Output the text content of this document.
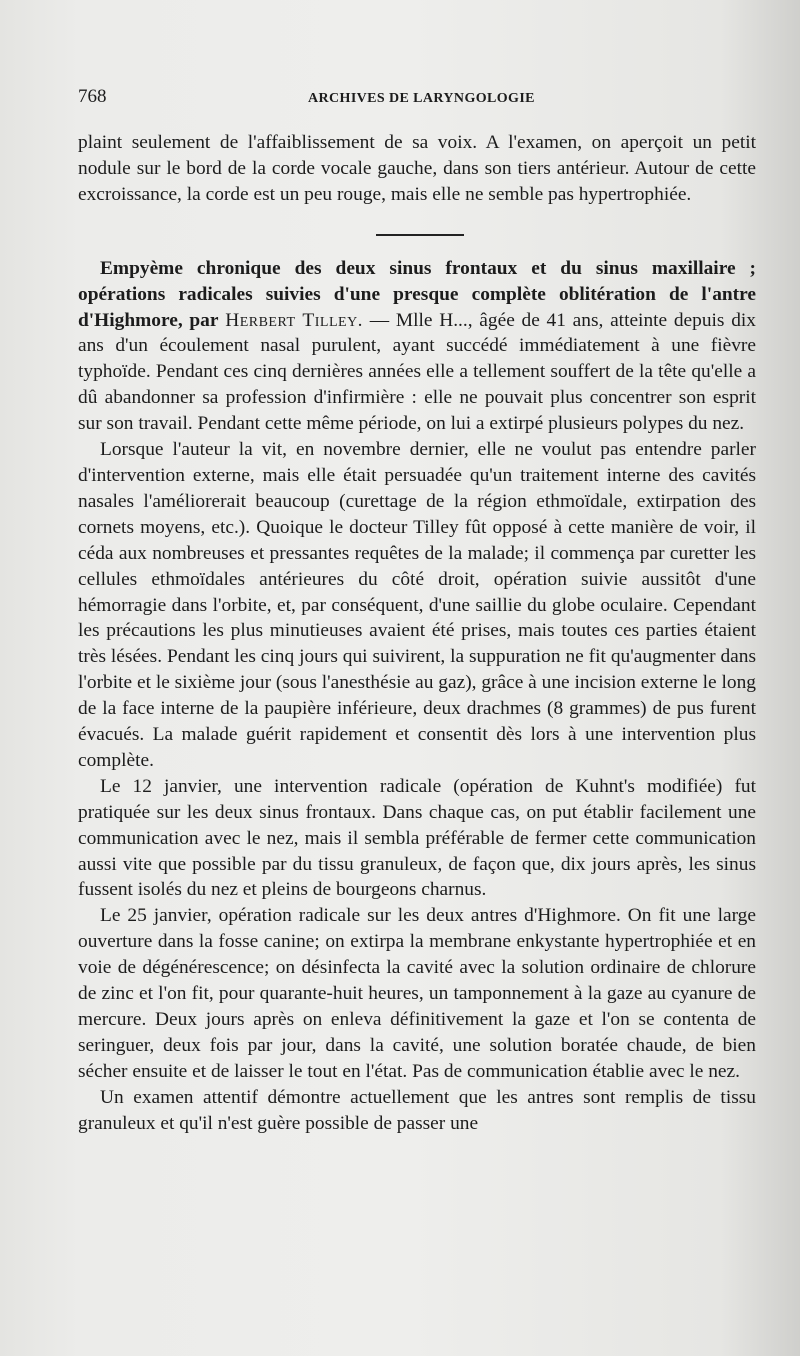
768	ARCHIVES DE LARYNGOLOGIE

plaint seulement de l'affaiblissement de sa voix. A l'examen, on aperçoit un petit nodule sur le bord de la corde vocale gauche, dans son tiers antérieur. Autour de cette excroissance, la corde est un peu rouge, mais elle ne semble pas hypertrophiée.

Empyème chronique des deux sinus frontaux et du sinus maxillaire ; opérations radicales suivies d'une presque complète oblitération de l'antre d'Highmore, par Herbert Tilley. — Mlle H..., âgée de 41 ans, atteinte depuis dix ans d'un écoulement nasal purulent, ayant succédé immédiatement à une fièvre typhoïde. Pendant ces cinq dernières années elle a tellement souffert de la tête qu'elle a dû abandonner sa profession d'infirmière : elle ne pouvait plus concentrer son esprit sur son travail. Pendant cette même période, on lui a extirpé plusieurs polypes du nez.

Lorsque l'auteur la vit, en novembre dernier, elle ne voulut pas entendre parler d'intervention externe, mais elle était persuadée qu'un traitement interne des cavités nasales l'améliorerait beaucoup (curettage de la région ethmoïdale, extirpation des cornets moyens, etc.). Quoique le docteur Tilley fût opposé à cette manière de voir, il céda aux nombreuses et pressantes requêtes de la malade; il commença par curetter les cellules ethmoïdales antérieures du côté droit, opération suivie aussitôt d'une hémorragie dans l'orbite, et, par conséquent, d'une saillie du globe oculaire. Cependant les précautions les plus minutieuses avaient été prises, mais toutes ces parties étaient très lésées. Pendant les cinq jours qui suivirent, la suppuration ne fit qu'augmenter dans l'orbite et le sixième jour (sous l'anesthésie au gaz), grâce à une incision externe le long de la face interne de la paupière inférieure, deux drachmes (8 grammes) de pus furent évacués. La malade guérit rapidement et consentit dès lors à une intervention plus complète.

Le 12 janvier, une intervention radicale (opération de Kuhnt's modifiée) fut pratiquée sur les deux sinus frontaux. Dans chaque cas, on put établir facilement une communication avec le nez, mais il sembla préférable de fermer cette communication aussi vite que possible par du tissu granuleux, de façon que, dix jours après, les sinus fussent isolés du nez et pleins de bourgeons charnus.

Le 25 janvier, opération radicale sur les deux antres d'Highmore. On fit une large ouverture dans la fosse canine; on extirpa la membrane enkystante hypertrophiée et en voie de dégénérescence; on désinfecta la cavité avec la solution ordinaire de chlorure de zinc et l'on fit, pour quarante-huit heures, un tamponnement à la gaze au cyanure de mercure. Deux jours après on enleva définitivement la gaze et l'on se contenta de seringuer, deux fois par jour, dans la cavité, une solution boratée chaude, de bien sécher ensuite et de laisser le tout en l'état. Pas de communication établie avec le nez.

Un examen attentif démontre actuellement que les antres sont remplis de tissu granuleux et qu'il n'est guère possible de passer une
